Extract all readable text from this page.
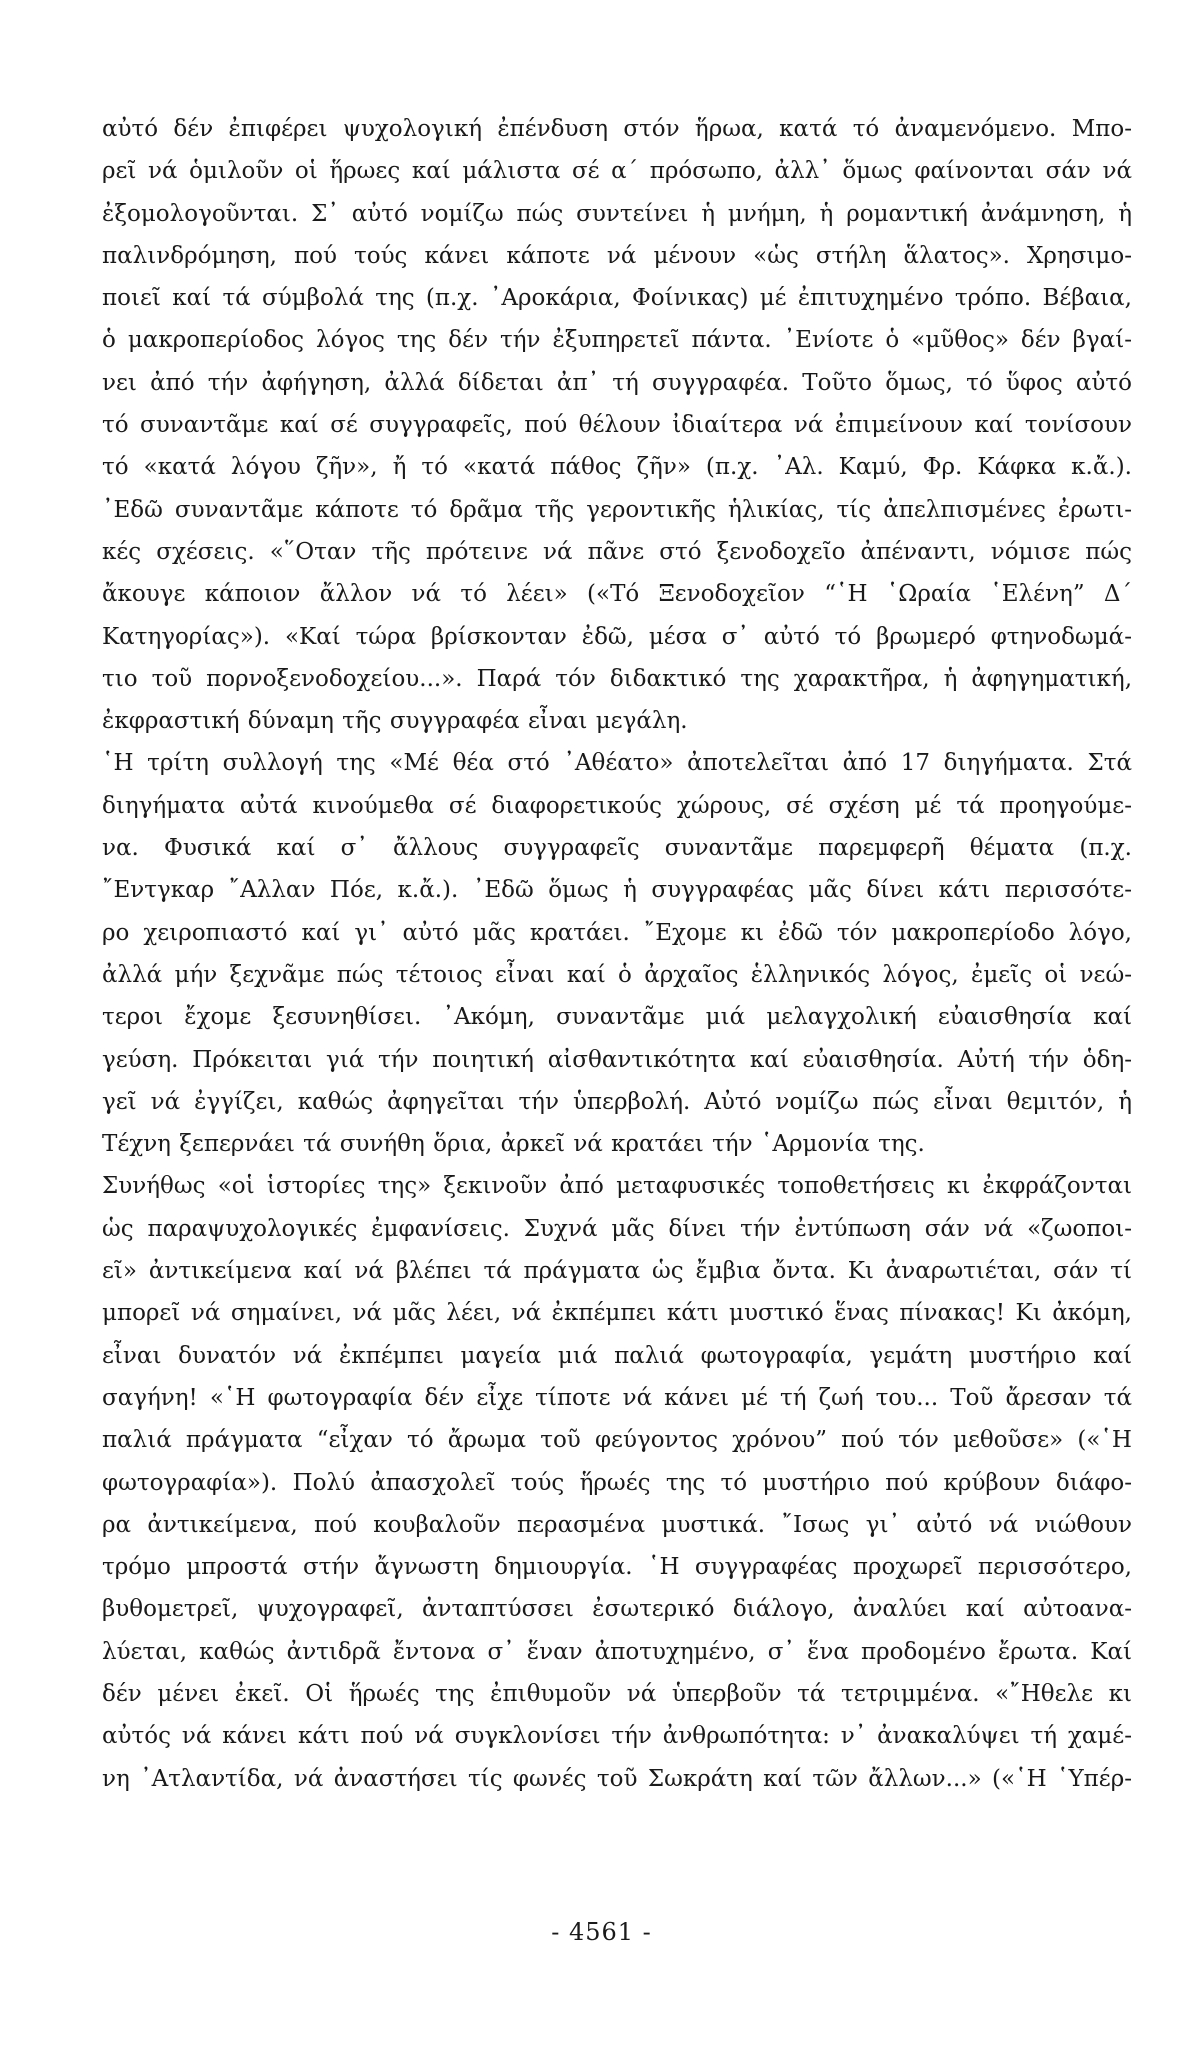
αὐτό δέν ἐπιφέρει ψυχολογική ἐπένδυση στόν ἥρωα, κατά τό ἀναμενόμενο. Μπο-
ρεῖ νά ὁμιλοῦν οἱ ἥρωες καί μάλιστα σέ α΄ πρόσωπο, ἀλλ᾽ ὅμως φαίνονται σάν νά
ἐξομολογοῦνται. Σ᾽ αὐτό νομίζω πώς συντείνει ἡ μνήμη, ἡ ρομαντική ἀνάμνηση, ἡ
παλινδρόμηση, πού τούς κάνει κάποτε νά μένουν «ὡς στήλη ἅλατος». Χρησιμο-
ποιεῖ καί τά σύμβολά της (π.χ. ᾽Αροκάρια, Φοίνικας) μέ ἐπιτυχημένο τρόπο. Βέβαια,
ὁ μακροπερίοδος λόγος της δέν τήν ἐξυπηρετεῖ πάντα. ᾽Ενίοτε ὁ «μῦθος» δέν βγαί-
νει ἀπό τήν ἀφήγηση, ἀλλά δίδεται ἀπ᾽ τή συγγραφέα. Τοῦτο ὅμως, τό ὕφος αὐτό
τό συναντᾶμε καί σέ συγγραφεῖς, πού θέλουν ἰδιαίτερα νά ἐπιμείνουν καί τονίσουν
τό «κατά λόγου ζῆν», ἤ τό «κατά πάθος ζῆν» (π.χ. ᾽Αλ. Καμύ, Φρ. Κάφκα κ.ἄ.).
᾽Εδῶ συναντᾶμε κάποτε τό δρᾶμα τῆς γεροντικῆς ἡλικίας, τίς ἀπελπισμένες ἐρωτι-
κές σχέσεις. «῞Οταν τῆς πρότεινε νά πᾶνε στό ξενοδοχεῖο ἀπέναντι, νόμισε πώς
ἄκουγε κάποιον ἄλλον νά τό λέει» («Τό Ξενοδοχεῖον “῾Η ῾Ωραία ῾Ελένη” Δ΄
Κατηγορίας»). «Καί τώρα βρίσκονταν ἐδῶ, μέσα σ᾽ αὐτό τό βρωμερό φτηνοδωμά-
τιο τοῦ πορνοξενοδοχείου...». Παρά τόν διδακτικό της χαρακτῆρα, ἡ ἀφηγηματική,
ἐκφραστική δύναμη τῆς συγγραφέα εἶναι μεγάλη.
῾Η τρίτη συλλογή της «Μέ θέα στό ᾽Αθέατο» ἀποτελεῖται ἀπό 17 διηγήματα. Στά
διηγήματα αὐτά κινούμεθα σέ διαφορετικούς χώρους, σέ σχέση μέ τά προηγούμε-
να. Φυσικά καί σ᾽ ἄλλους συγγραφεῖς συναντᾶμε παρεμφερῆ θέματα (π.χ.
῎Εντγκαρ ῎Αλλαν Πόε, κ.ἄ.). ᾽Εδῶ ὅμως ἡ συγγραφέας μᾶς δίνει κάτι περισσότε-
ρο χειροπιαστό καί γι᾽ αὐτό μᾶς κρατάει. ῎Εχομε κι ἐδῶ τόν μακροπερίοδο λόγο,
ἀλλά μήν ξεχνᾶμε πώς τέτοιος εἶναι καί ὁ ἀρχαῖος ἑλληνικός λόγος, ἐμεῖς οἱ νεώ-
τεροι ἔχομε ξεσυνηθίσει. ᾽Ακόμη, συναντᾶμε μιά μελαγχολική εὐαισθησία καί
γεύση. Πρόκειται γιά τήν ποιητική αἰσθαντικότητα καί εὐαισθησία. Αὐτή τήν ὁδη-
γεῖ νά ἐγγίζει, καθώς ἀφηγεῖται τήν ὑπερβολή. Αὐτό νομίζω πώς εἶναι θεμιτόν, ἡ
Τέχνη ξεπερνάει τά συνήθη ὅρια, ἀρκεῖ νά κρατάει τήν ῾Αρμονία της.
Συνήθως «οἱ ἱστορίες της» ξεκινοῦν ἀπό μεταφυσικές τοποθετήσεις κι ἐκφράζονται
ὡς παραψυχολογικές ἐμφανίσεις. Συχνά μᾶς δίνει τήν ἐντύπωση σάν νά «ζωοποι-
εῖ» ἀντικείμενα καί νά βλέπει τά πράγματα ὡς ἔμβια ὄντα. Κι ἀναρωτιέται, σάν τί
μπορεῖ νά σημαίνει, νά μᾶς λέει, νά ἐκπέμπει κάτι μυστικό ἕνας πίνακας! Κι ἀκόμη,
εἶναι δυνατόν νά ἐκπέμπει μαγεία μιά παλιά φωτογραφία, γεμάτη μυστήριο καί
σαγήνη! «῾Η φωτογραφία δέν εἶχε τίποτε νά κάνει μέ τή ζωή του... Τοῦ ἄρεσαν τά
παλιά πράγματα “εἶχαν τό ἄρωμα τοῦ φεύγοντος χρόνου” πού τόν μεθοῦσε» («῾Η
φωτογραφία»). Πολύ ἀπασχολεῖ τούς ἥρωές της τό μυστήριο πού κρύβουν διάφο-
ρα ἀντικείμενα, πού κουβαλοῦν περασμένα μυστικά. ῎Ισως γι᾽ αὐτό νά νιώθουν
τρόμο μπροστά στήν ἄγνωστη δημιουργία. ῾Η συγγραφέας προχωρεῖ περισσότερο,
βυθομετρεῖ, ψυχογραφεῖ, ἀνταπτύσσει ἐσωτερικό διάλογο, ἀναλύει καί αὐτοανα-
λύεται, καθώς ἀντιδρᾶ ἔντονα σ᾽ ἕναν ἀποτυχημένο, σ᾽ ἕνα προδομένο ἔρωτα. Καί
δέν μένει ἐκεῖ. Οἱ ἥρωές της ἐπιθυμοῦν νά ὑπερβοῦν τά τετριμμένα. «῎Ηθελε κι
αὐτός νά κάνει κάτι πού νά συγκλονίσει τήν ἀνθρωπότητα: ν᾽ ἀνακαλύψει τή χαμέ-
νη ᾽Ατλαντίδα, νά ἀναστήσει τίς φωνές τοῦ Σωκράτη καί τῶν ἄλλων...» («῾Η ῾Υπέρ-
- 4561 -
